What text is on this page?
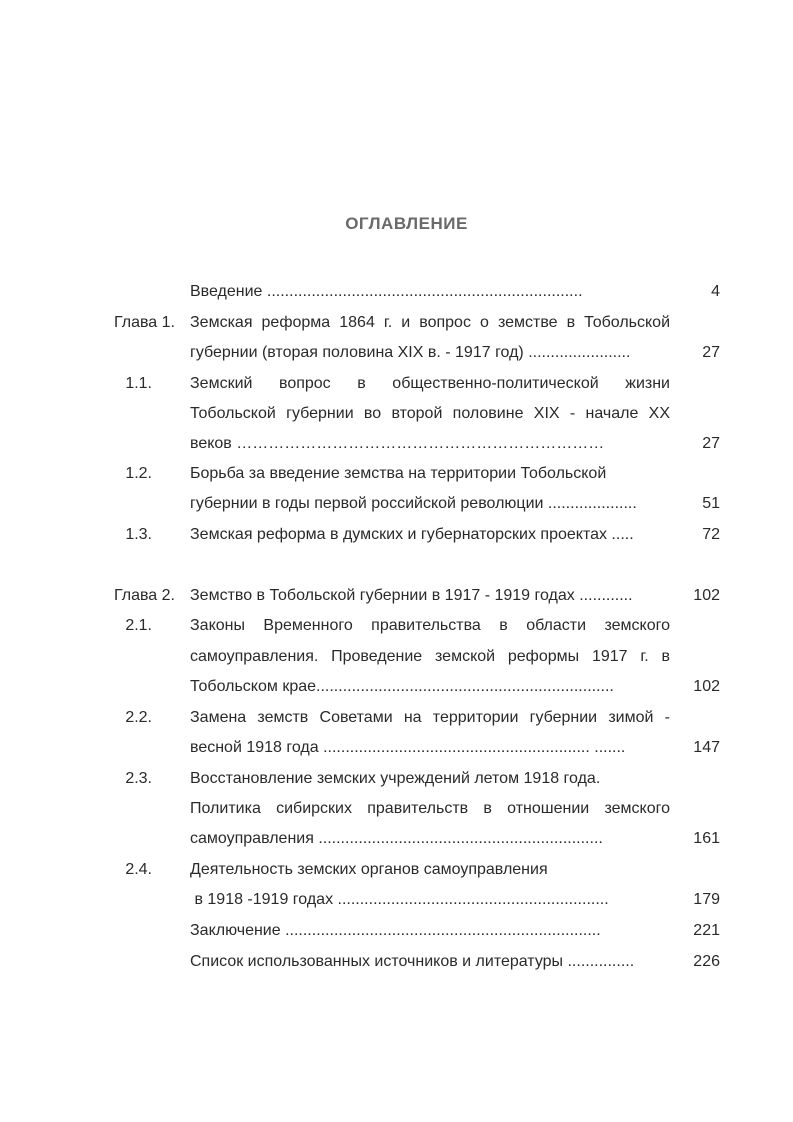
ОГЛАВЛЕНИЕ
Введение .......................................................................	4
Глава 1. Земская реформа 1864 г. и вопрос о земстве в Тобольской
губернии (вторая половина XIX в. - 1917 год) .......................	27
1.1. Земский вопрос в общественно-политической жизни
Тобольской губернии во второй половине XIX - начале XX
веков ……………………………………………………………	27
1.2. Борьба за введение земства на территории Тобольской
губернии в годы первой российской революции ....................	51
1.3. Земская реформа в думских и губернаторских проектах .....	72
Глава 2. Земство в Тобольской губернии в 1917 - 1919 годах ............	102
2.1. Законы Временного правительства в области земского
самоуправления. Проведение земской реформы 1917 г. в
Тобольском крае...................................................................	102
2.2. Замена земств Советами на территории губернии зимой -
весной 1918 года ............................................................ .......	147
2.3. Восстановление земских учреждений летом 1918 года.
Политика сибирских правительств в отношении земского
самоуправления ................................................................	161
2.4. Деятельность земских органов самоуправления
в 1918 -1919 годах .............................................................	179
Заключение .......................................................................	221
Список использованных источников и литературы ...............	226
